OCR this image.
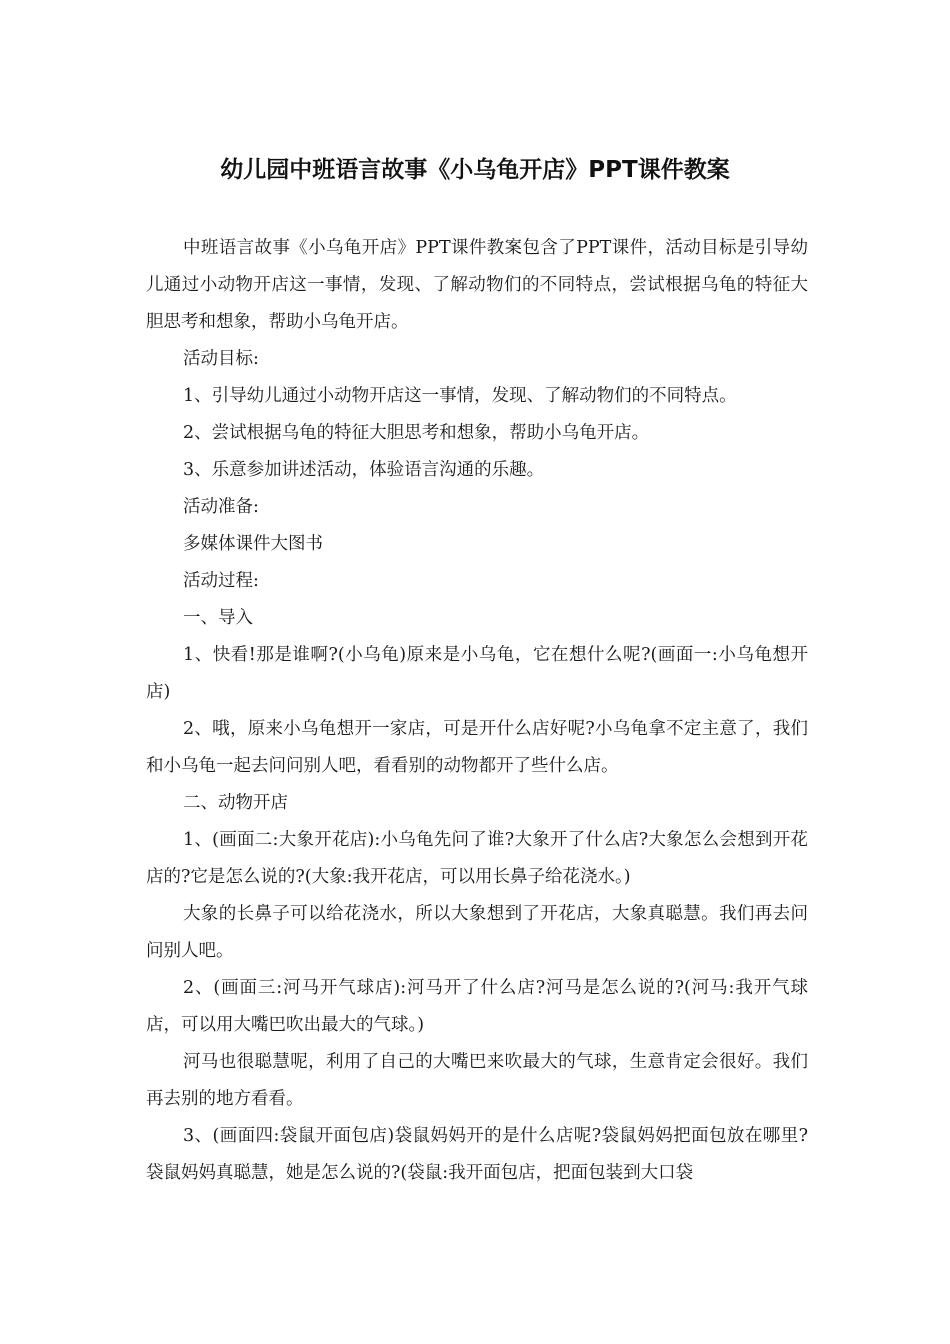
幼儿园中班语言故事《小乌龟开店》PPT课件教案

中班语言故事《小乌龟开店》PPT课件教案包含了PPT课件，活动目标是引导幼儿通过小动物开店这一事情，发现、了解动物们的不同特点，尝试根据乌龟的特征大胆思考和想象，帮助小乌龟开店。

活动目标:

1、引导幼儿通过小动物开店这一事情，发现、了解动物们的不同特点。

2、尝试根据乌龟的特征大胆思考和想象，帮助小乌龟开店。

3、乐意参加讲述活动，体验语言沟通的乐趣。

活动准备:

多媒体课件大图书

活动过程:

一、导入

1、快看!那是谁啊?(小乌龟)原来是小乌龟，它在想什么呢?(画面一:小乌龟想开店)

2、哦，原来小乌龟想开一家店，可是开什么店好呢?小乌龟拿不定主意了，我们和小乌龟一起去问问别人吧，看看别的动物都开了些什么店。

二、动物开店

1、(画面二:大象开花店):小乌龟先问了谁?大象开了什么店?大象怎么会想到开花店的?它是怎么说的?(大象:我开花店，可以用长鼻子给花浇水。)

大象的长鼻子可以给花浇水，所以大象想到了开花店，大象真聪慧。我们再去问问别人吧。

2、(画面三:河马开气球店):河马开了什么店?河马是怎么说的?(河马:我开气球店，可以用大嘴巴吹出最大的气球。)

河马也很聪慧呢，利用了自己的大嘴巴来吹最大的气球，生意肯定会很好。我们再去别的地方看看。

3、(画面四:袋鼠开面包店)袋鼠妈妈开的是什么店呢?袋鼠妈妈把面包放在哪里?袋鼠妈妈真聪慧，她是怎么说的?(袋鼠:我开面包店，把面包装到大口袋
